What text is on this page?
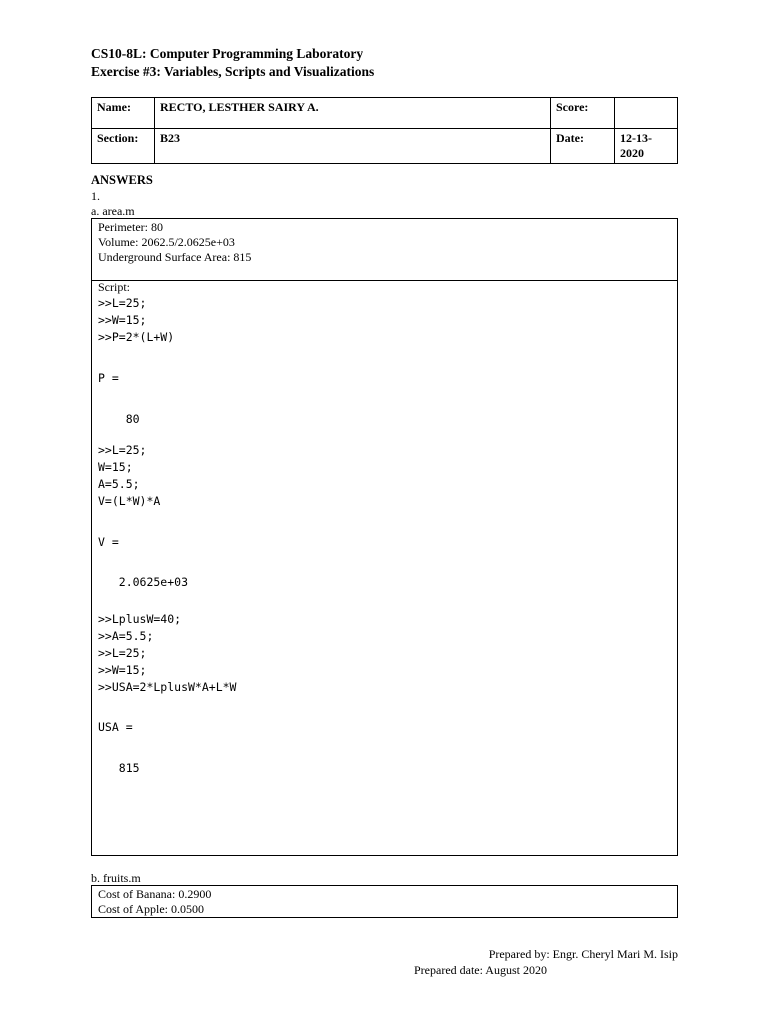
CS10-8L: Computer Programming Laboratory
Exercise #3: Variables, Scripts and Visualizations
Name:	RECTO, LESTHER SAIRY A.	Score:	
Section:	B23	Date:	12-13-2020
ANSWERS
1.
a. area.m
Perimeter: 80
Volume: 2062.5/2.0625e+03
Underground Surface Area: 815
Script:
>>L=25;
>>W=15;
>>P=2*(L+W)
P =
80
>>L=25;
W=15;
A=5.5;
V=(L*W)*A
V =
2.0625e+03
>>LplusW=40;
>>A=5.5;
>>L=25;
>>W=15;
>>USA=2*LplusW*A+L*W
USA =
815
b. fruits.m
Cost of Banana: 0.2900
Cost of Apple: 0.0500
Prepared by: Engr. Cheryl Mari M. Isip
Prepared date: August 2020
